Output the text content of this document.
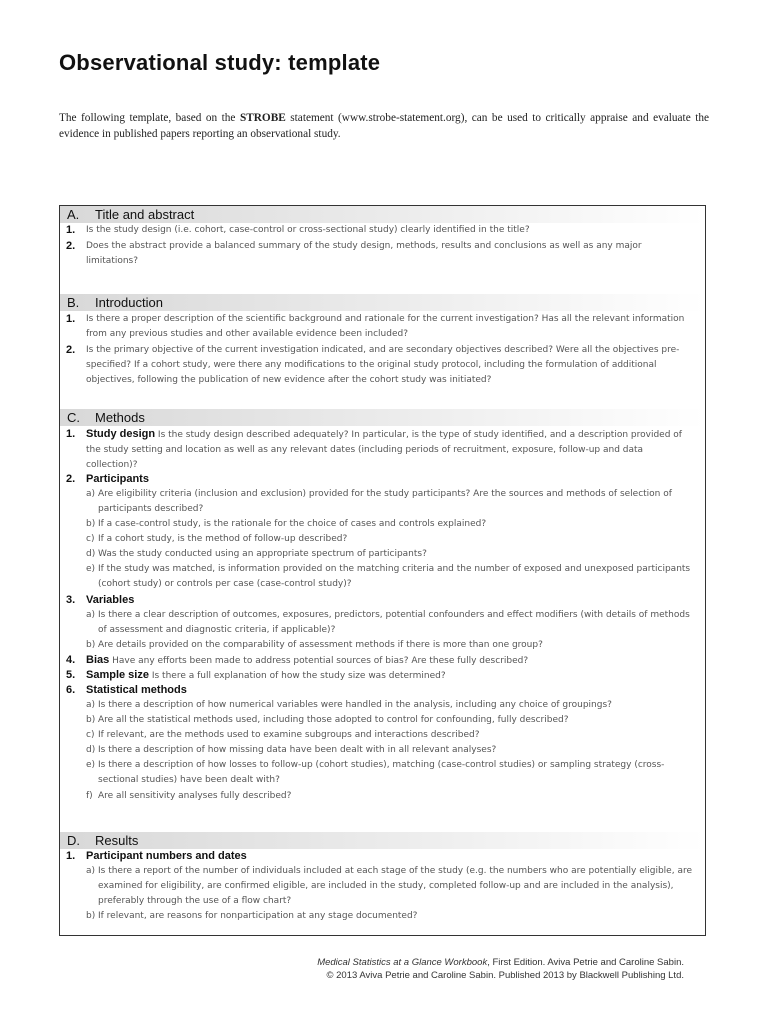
Observational study: template

The following template, based on the STROBE statement (www.strobe-statement.org), can be used to critically appraise and evaluate the evidence in published papers reporting an observational study.

A. Title and abstract
1.	Is the study design (i.e. cohort, case-control or cross-sectional study) clearly identified in the title?
2.	Does the abstract provide a balanced summary of the study design, methods, results and conclusions as well as any major limitations?
B. Introduction
1.	Is there a proper description of the scientific background and rationale for the current investigation? Has all the relevant information from any previous studies and other available evidence been included?
2.	Is the primary objective of the current investigation indicated, and are secondary objectives described? Were all the objectives pre-specified? If a cohort study, were there any modifications to the original study protocol, including the formulation of additional objectives, following the publication of new evidence after the cohort study was initiated?
C. Methods
1. Study design Is the study design described adequately? In particular, is the type of study identified, and a description provided of the study setting and location as well as any relevant dates (including periods of recruitment, exposure, follow-up and data collection)?
2. Participants
a) Are eligibility criteria (inclusion and exclusion) provided for the study participants? Are the sources and methods of selection of participants described?
b) If a case-control study, is the rationale for the choice of cases and controls explained?
c) If a cohort study, is the method of follow-up described?
d) Was the study conducted using an appropriate spectrum of participants?
e) If the study was matched, is information provided on the matching criteria and the number of exposed and unexposed participants (cohort study) or controls per case (case-control study)?
3. Variables
a) Is there a clear description of outcomes, exposures, predictors, potential confounders and effect modifiers (with details of methods of assessment and diagnostic criteria, if applicable)?
b) Are details provided on the comparability of assessment methods if there is more than one group?
4. Bias Have any efforts been made to address potential sources of bias? Are these fully described?
5. Sample size Is there a full explanation of how the study size was determined?
6. Statistical methods
a) Is there a description of how numerical variables were handled in the analysis, including any choice of groupings?
b) Are all the statistical methods used, including those adopted to control for confounding, fully described?
c) If relevant, are the methods used to examine subgroups and interactions described?
d) Is there a description of how missing data have been dealt with in all relevant analyses?
e) Is there a description of how losses to follow-up (cohort studies), matching (case-control studies) or sampling strategy (cross-sectional studies) have been dealt with?
f) Are all sensitivity analyses fully described?
D. Results
1. Participant numbers and dates
a) Is there a report of the number of individuals included at each stage of the study (e.g. the numbers who are potentially eligible, are examined for eligibility, are confirmed eligible, are included in the study, completed follow-up and are included in the analysis), preferably through the use of a flow chart?
b) If relevant, are reasons for nonparticipation at any stage documented?
Medical Statistics at a Glance Workbook, First Edition. Aviva Petrie and Caroline Sabin.
© 2013 Aviva Petrie and Caroline Sabin. Published 2013 by Blackwell Publishing Ltd.
